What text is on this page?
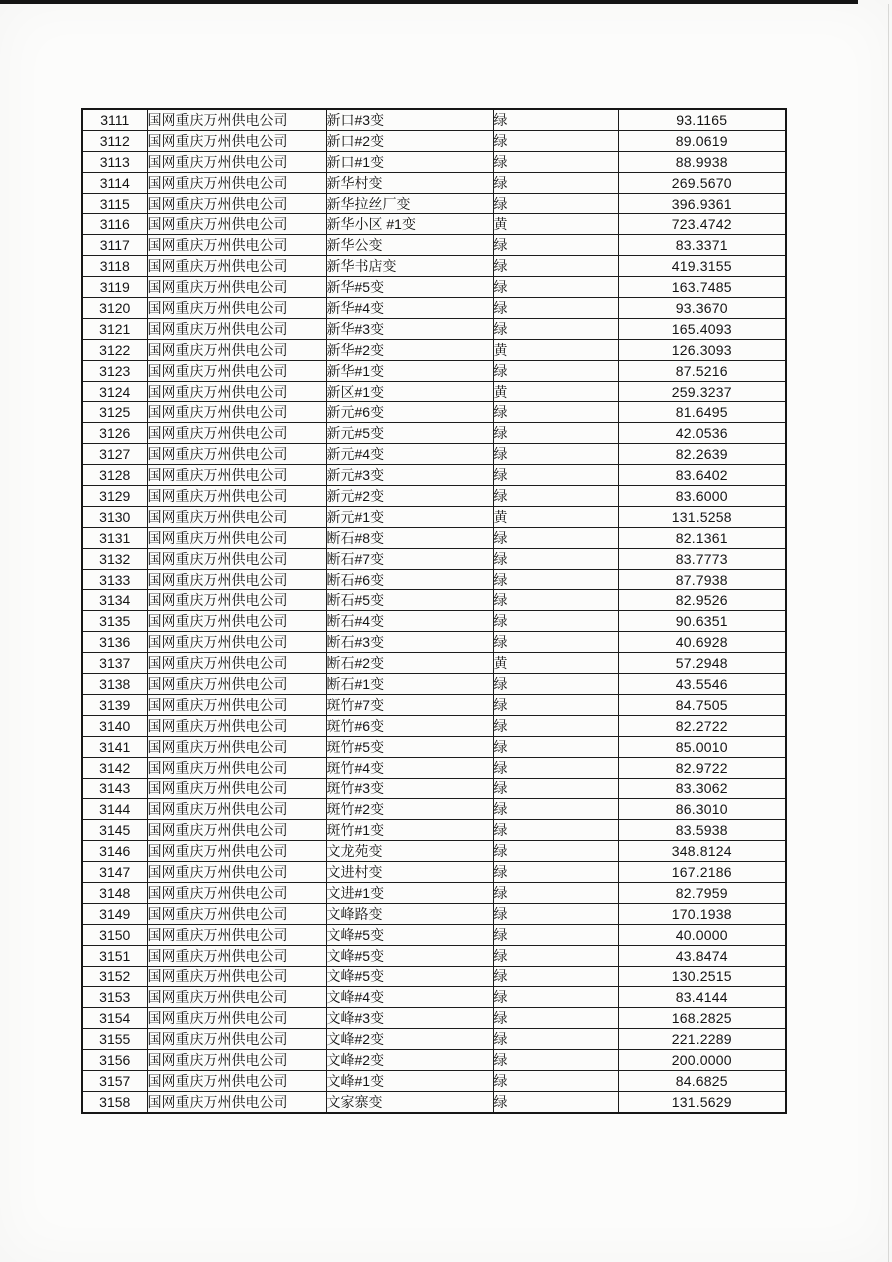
3111	国网重庆万州供电公司	新口#3变	绿	93.1165
3112	国网重庆万州供电公司	新口#2变	绿	89.0619
3113	国网重庆万州供电公司	新口#1变	绿	88.9938
3114	国网重庆万州供电公司	新华村变	绿	269.5670
3115	国网重庆万州供电公司	新华拉丝厂变	绿	396.9361
3116	国网重庆万州供电公司	新华小区 #1变	黄	723.4742
3117	国网重庆万州供电公司	新华公变	绿	83.3371
3118	国网重庆万州供电公司	新华书店变	绿	419.3155
3119	国网重庆万州供电公司	新华#5变	绿	163.7485
3120	国网重庆万州供电公司	新华#4变	绿	93.3670
3121	国网重庆万州供电公司	新华#3变	绿	165.4093
3122	国网重庆万州供电公司	新华#2变	黄	126.3093
3123	国网重庆万州供电公司	新华#1变	绿	87.5216
3124	国网重庆万州供电公司	新区#1变	黄	259.3237
3125	国网重庆万州供电公司	新元#6变	绿	81.6495
3126	国网重庆万州供电公司	新元#5变	绿	42.0536
3127	国网重庆万州供电公司	新元#4变	绿	82.2639
3128	国网重庆万州供电公司	新元#3变	绿	83.6402
3129	国网重庆万州供电公司	新元#2变	绿	83.6000
3130	国网重庆万州供电公司	新元#1变	黄	131.5258
3131	国网重庆万州供电公司	断石#8变	绿	82.1361
3132	国网重庆万州供电公司	断石#7变	绿	83.7773
3133	国网重庆万州供电公司	断石#6变	绿	87.7938
3134	国网重庆万州供电公司	断石#5变	绿	82.9526
3135	国网重庆万州供电公司	断石#4变	绿	90.6351
3136	国网重庆万州供电公司	断石#3变	绿	40.6928
3137	国网重庆万州供电公司	断石#2变	黄	57.2948
3138	国网重庆万州供电公司	断石#1变	绿	43.5546
3139	国网重庆万州供电公司	斑竹#7变	绿	84.7505
3140	国网重庆万州供电公司	斑竹#6变	绿	82.2722
3141	国网重庆万州供电公司	斑竹#5变	绿	85.0010
3142	国网重庆万州供电公司	斑竹#4变	绿	82.9722
3143	国网重庆万州供电公司	斑竹#3变	绿	83.3062
3144	国网重庆万州供电公司	斑竹#2变	绿	86.3010
3145	国网重庆万州供电公司	斑竹#1变	绿	83.5938
3146	国网重庆万州供电公司	文龙苑变	绿	348.8124
3147	国网重庆万州供电公司	文进村变	绿	167.2186
3148	国网重庆万州供电公司	文进#1变	绿	82.7959
3149	国网重庆万州供电公司	文峰路变	绿	170.1938
3150	国网重庆万州供电公司	文峰#5变	绿	40.0000
3151	国网重庆万州供电公司	文峰#5变	绿	43.8474
3152	国网重庆万州供电公司	文峰#5变	绿	130.2515
3153	国网重庆万州供电公司	文峰#4变	绿	83.4144
3154	国网重庆万州供电公司	文峰#3变	绿	168.2825
3155	国网重庆万州供电公司	文峰#2变	绿	221.2289
3156	国网重庆万州供电公司	文峰#2变	绿	200.0000
3157	国网重庆万州供电公司	文峰#1变	绿	84.6825
3158	国网重庆万州供电公司	文家寨变	绿	131.5629
